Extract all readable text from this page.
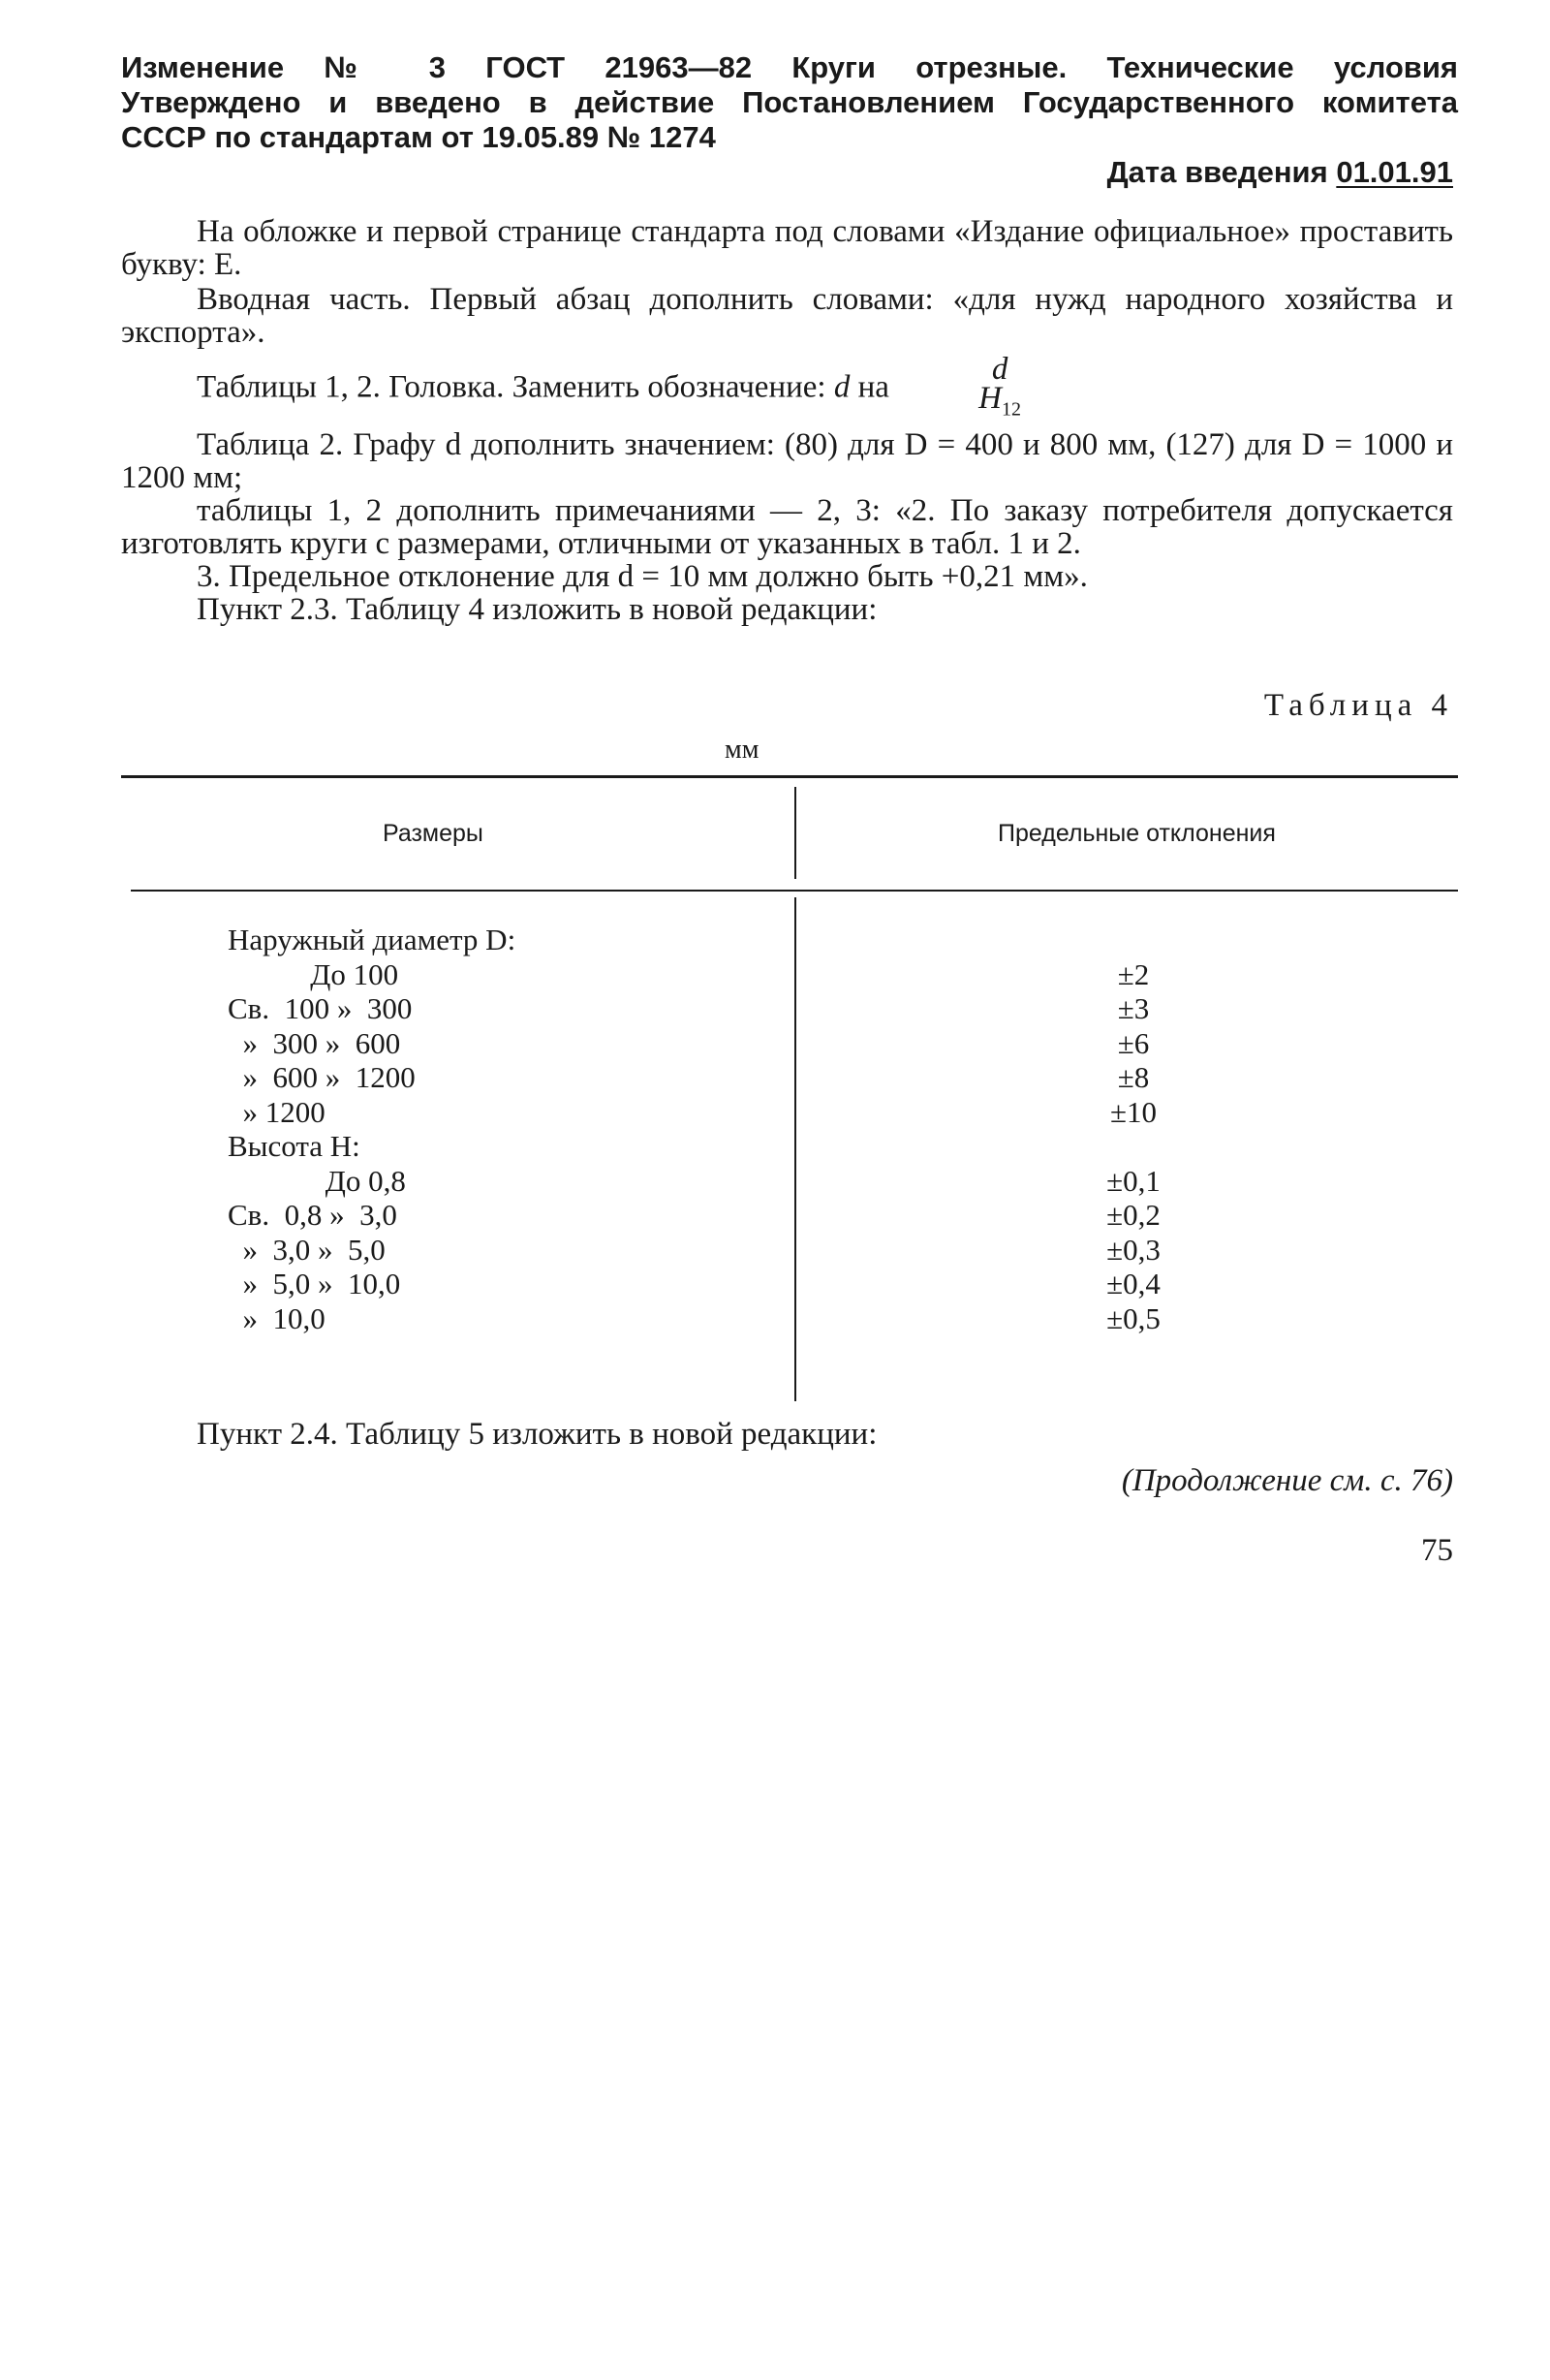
Изменение № 3 ГОСТ 21963—82 Круги отрезные. Технические условия
Утверждено и введено в действие Постановлением Государственного комитета
СССР по стандартам от 19.05.89 № 1274
Дата введения 01.01.91

На обложке и первой странице стандарта под словами «Издание официальное» проставить букву: Е.

Вводная часть. Первый абзац дополнить словами: «для нужд народного хозяйства и экспорта».

Таблицы 1, 2. Головка. Заменить обозначение: d на
d
$H_{12}$

Таблица 2. Графу d дополнить значением: (80) для D = 400 и 800 мм, (127) для D = 1000 и 1200 мм;

таблицы 1, 2 дополнить примечаниями — 2, 3: «2. По заказу потребителя допускается изготовлять круги с размерами, отличными от указанных в табл. 1 и 2.

3. Предельное отклонение для d = 10 мм должно быть +0,21 мм».

Пункт 2.3. Таблицу 4 изложить в новой редакции:

Таблица 4
мм
Размеры	Предельные отклонения
Наружный диаметр D:
До 100	±2
Св.  100 »  300	±3
»  300 »  600	±6
»  600 »  1200	±8
» 1200	±10
Высота H:
До 0,8	±0,1
Св.  0,8 »  3,0	±0,2
»  3,0 »  5,0	±0,3
»  5,0 »  10,0	±0,4
»  10,0	±0,5
Пункт 2.4. Таблицу 5 изложить в новой редакции:
(Продолжение см. с. 76)
75
